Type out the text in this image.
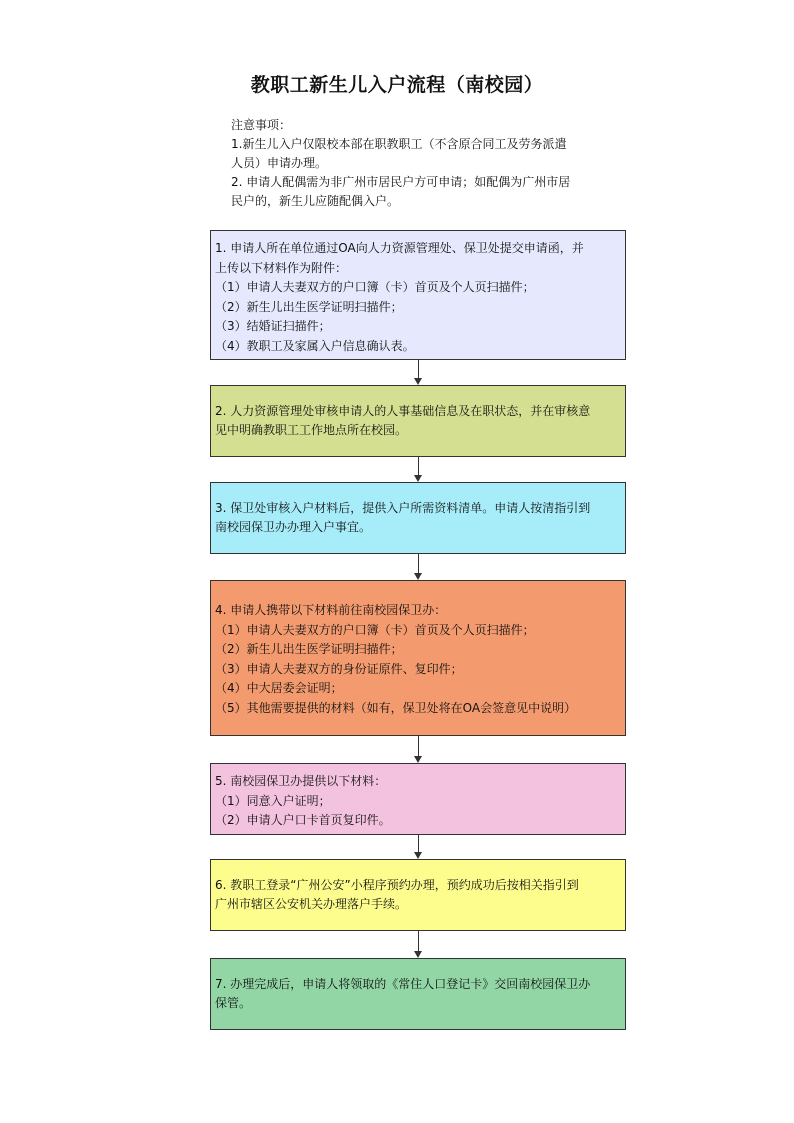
教职工新生儿入户流程（南校园）
注意事项：
1.新生儿入户仅限校本部在职教职工（不含原合同工及劳务派遣
人员）申请办理。
2. 申请人配偶需为非广州市居民户方可申请；如配偶为广州市居
民户的，新生儿应随配偶入户。
1. 申请人所在单位通过OA向人力资源管理处、保卫处提交申请函，并
上传以下材料作为附件：
（1）申请人夫妻双方的户口簿（卡）首页及个人页扫描件；
（2）新生儿出生医学证明扫描件；
（3）结婚证扫描件；
（4）教职工及家属入户信息确认表。
2. 人力资源管理处审核申请人的人事基础信息及在职状态，并在审核意
见中明确教职工工作地点所在校园。
3. 保卫处审核入户材料后，提供入户所需资料清单。申请人按清指引到
南校园保卫办办理入户事宜。
4. 申请人携带以下材料前往南校园保卫办：
（1）申请人夫妻双方的户口簿（卡）首页及个人页扫描件；
（2）新生儿出生医学证明扫描件；
（3）申请人夫妻双方的身份证原件、复印件；
（4）中大居委会证明；
（5）其他需要提供的材料（如有，保卫处将在OA会签意见中说明）
5. 南校园保卫办提供以下材料：
（1）同意入户证明；
（2）申请人户口卡首页复印件。
6. 教职工登录“广州公安”小程序预约办理，预约成功后按相关指引到
广州市辖区公安机关办理落户手续。
7. 办理完成后，申请人将领取的《常住人口登记卡》交回南校园保卫办
保管。
